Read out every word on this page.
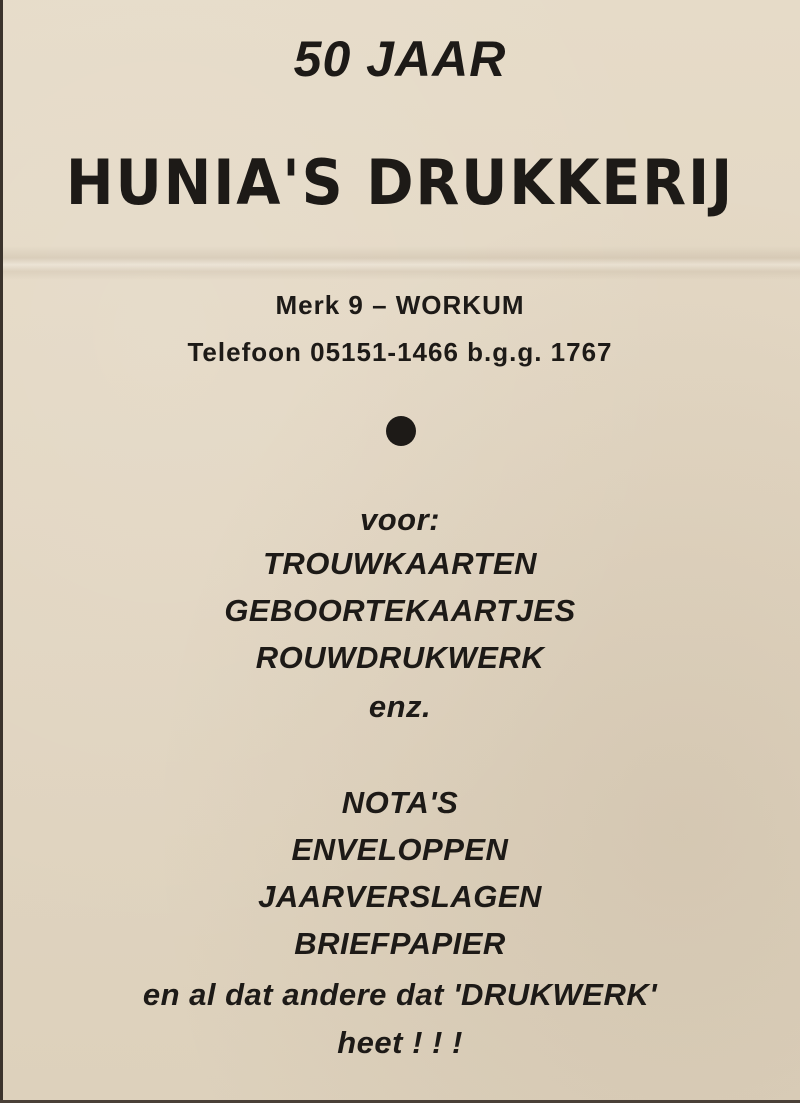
50 JAAR

HUNIA'S DRUKKERIJ

Merk 9 – WORKUM

Telefoon 05151-1466 b.g.g. 1767

voor:

TROUWKAARTEN

GEBOORTEKAARTJES

ROUWDRUKWERK

enz.

NOTA'S

ENVELOPPEN

JAARVERSLAGEN

BRIEFPAPIER

en al dat andere dat 'DRUKWERK'

heet ! ! !
